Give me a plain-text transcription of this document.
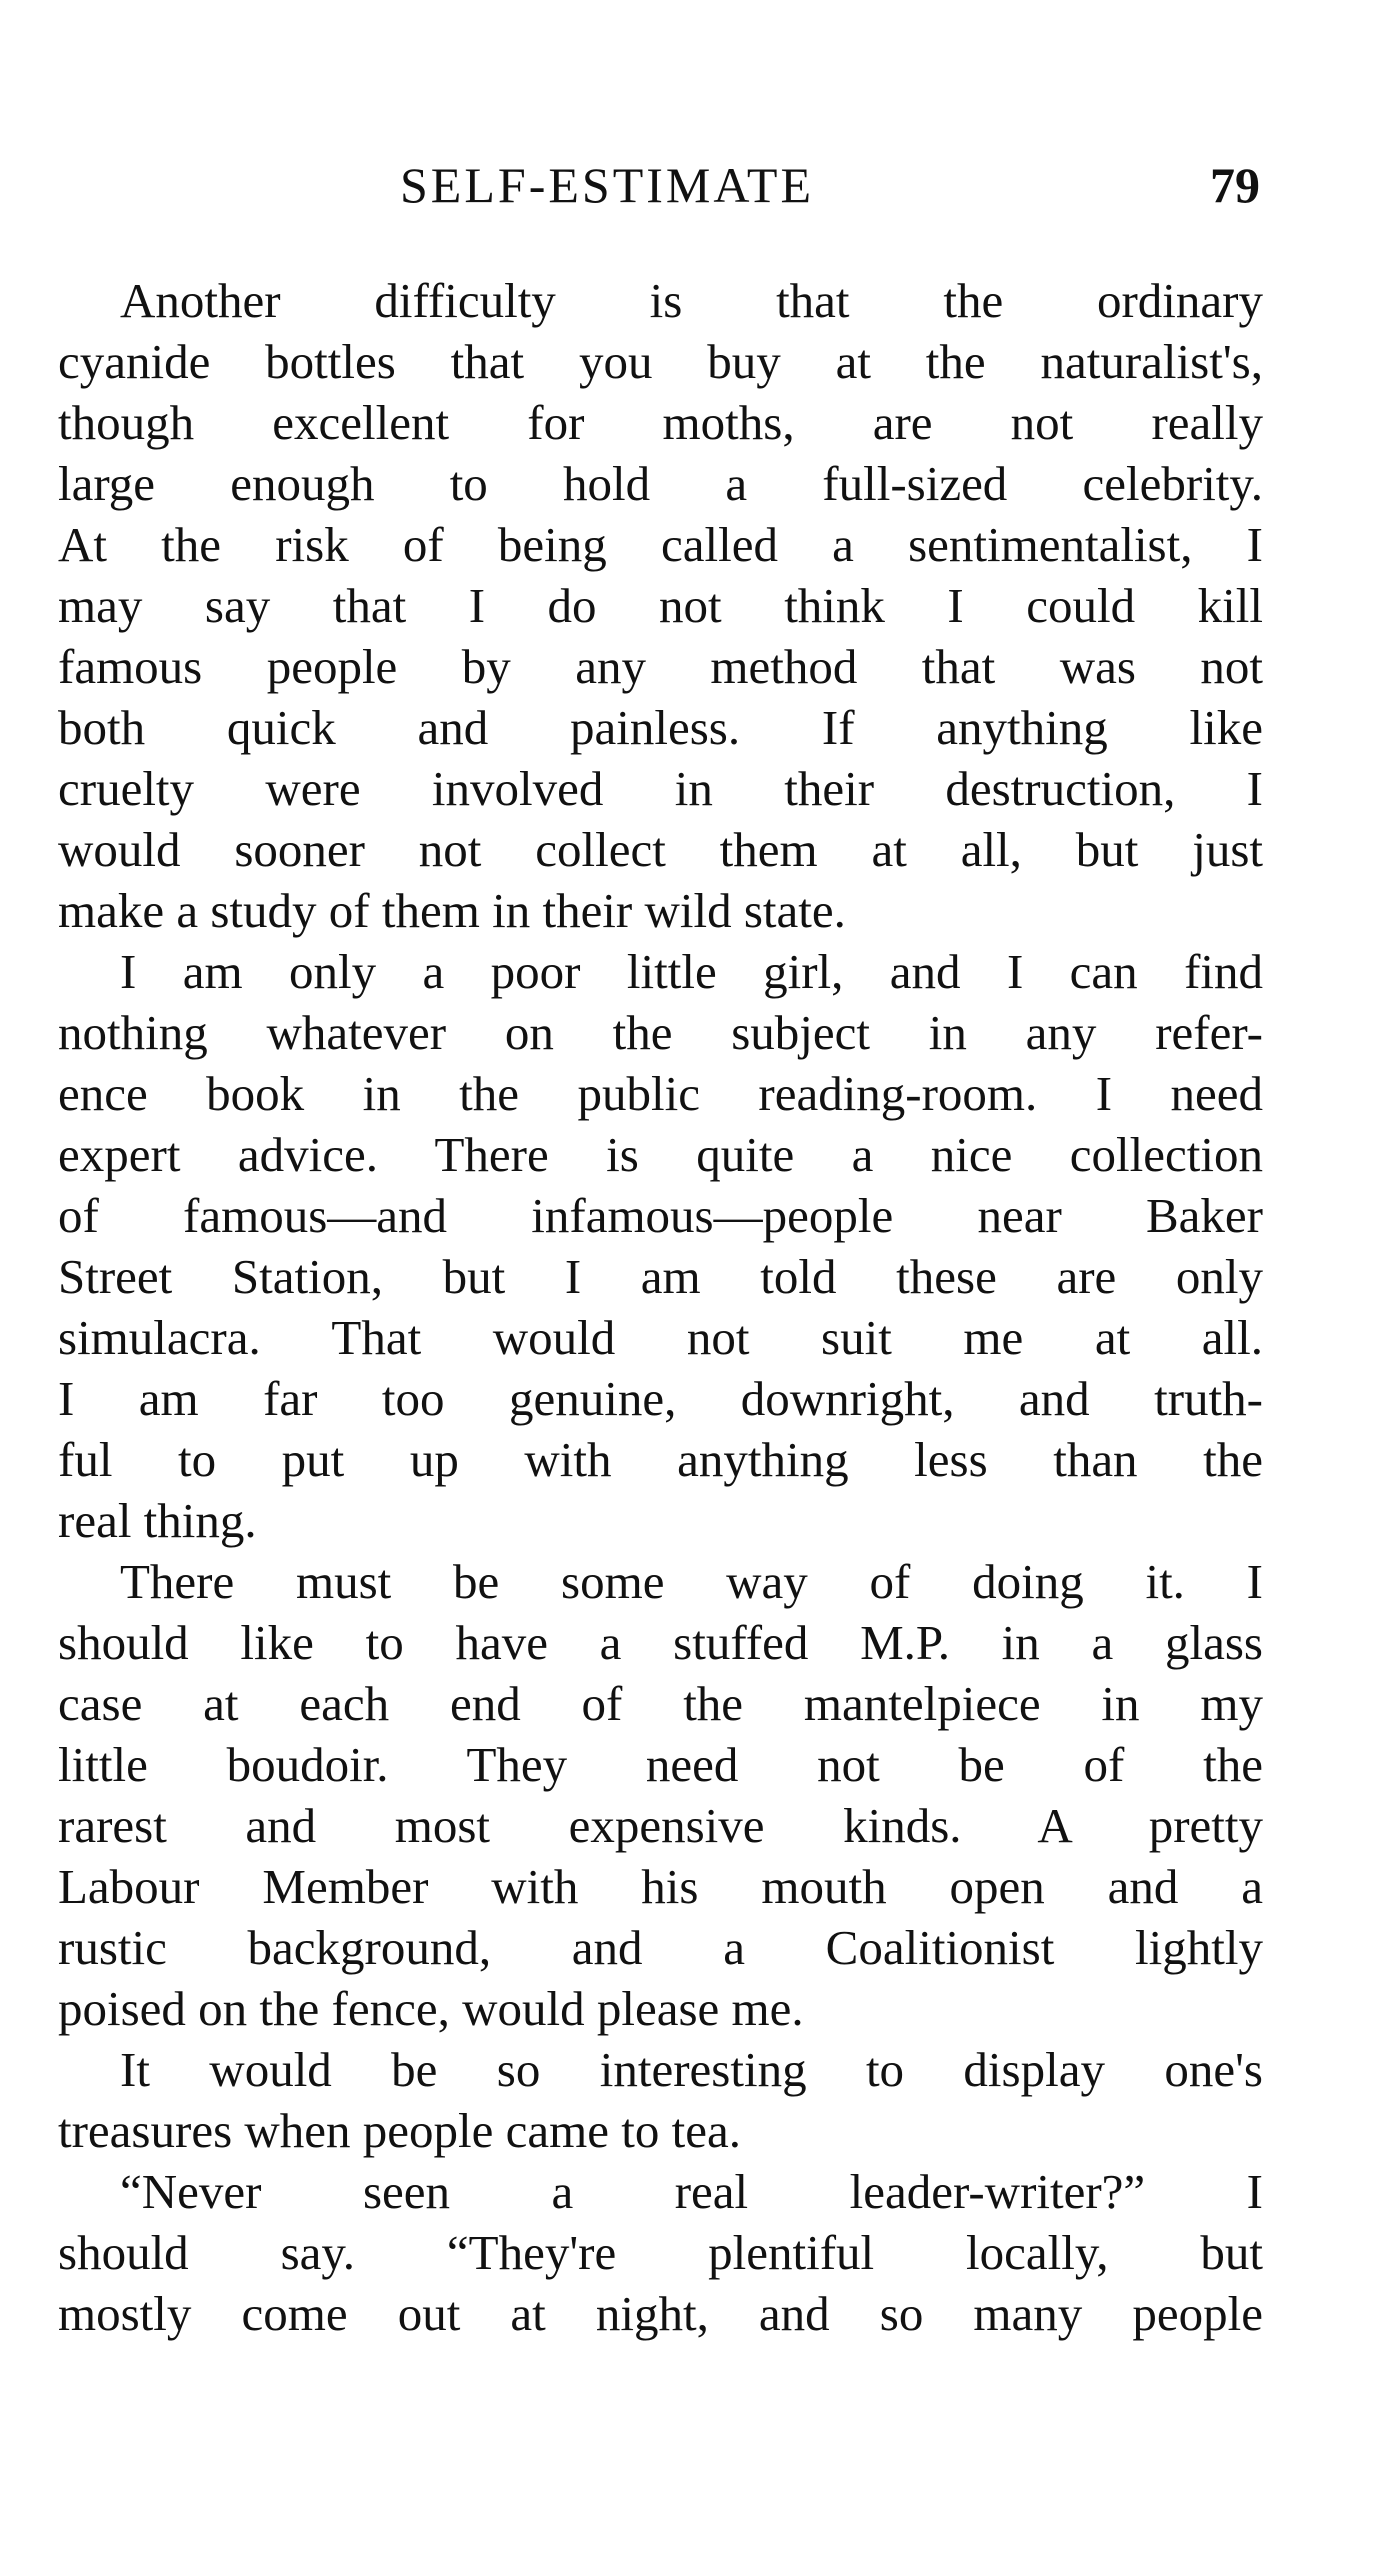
SELF-ESTIMATE	79
Another difficulty is that the ordinary
cyanide bottles that you buy at the naturalist's,
though excellent for moths, are not really
large enough to hold a full-sized celebrity.
At the risk of being called a sentimentalist, I
may say that I do not think I could kill
famous people by any method that was not
both quick and painless. If anything like
cruelty were involved in their destruction, I
would sooner not collect them at all, but just
make a study of them in their wild state.
I am only a poor little girl, and I can find
nothing whatever on the subject in any refer-
ence book in the public reading-room. I need
expert advice. There is quite a nice collection
of famous—and infamous—people near Baker
Street Station, but I am told these are only
simulacra. That would not suit me at all.
I am far too genuine, downright, and truth-
ful to put up with anything less than the
real thing.
There must be some way of doing it. I
should like to have a stuffed M.P. in a glass
case at each end of the mantelpiece in my
little boudoir. They need not be of the
rarest and most expensive kinds. A pretty
Labour Member with his mouth open and a
rustic background, and a Coalitionist lightly
poised on the fence, would please me.
It would be so interesting to display one's
treasures when people came to tea.
“Never seen a real leader-writer?” I
should say. “They're plentiful locally, but
mostly come out at night, and so many people
